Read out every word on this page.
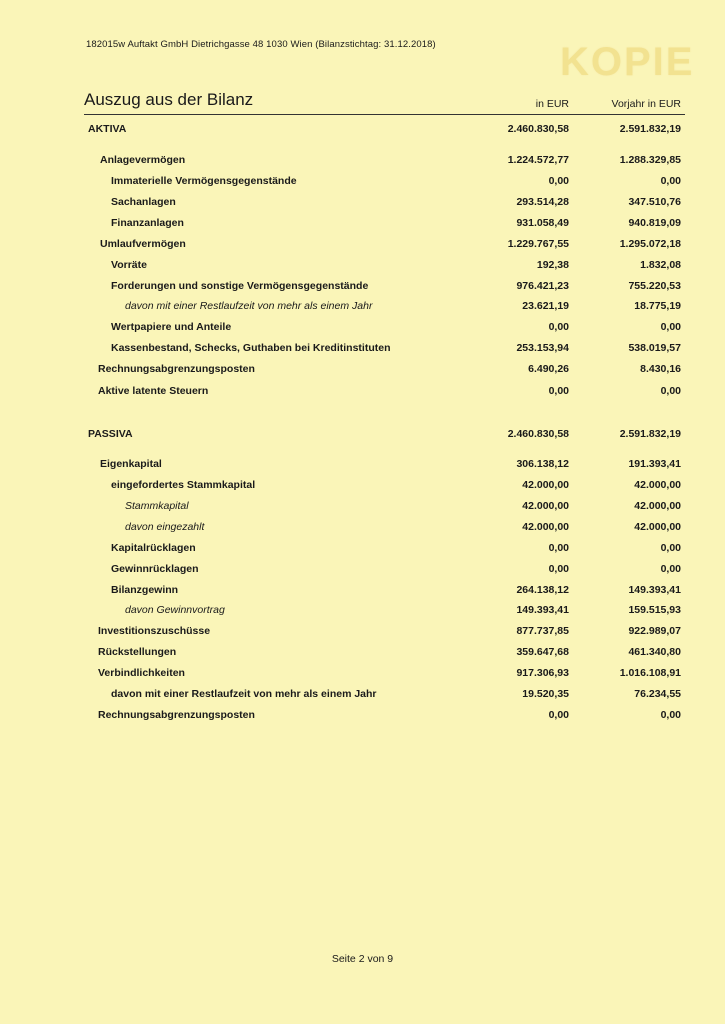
182015w Auftakt GmbH Dietrichgasse 48 1030 Wien (Bilanzstichtag: 31.12.2018)	KOPIE
Auszug aus der Bilanz	in EUR	Vorjahr in EUR
AKTIVA	2.460.830,58	2.591.832,19
Anlagevermögen	1.224.572,77	1.288.329,85
Immaterielle Vermögensgegenstände	0,00	0,00
Sachanlagen	293.514,28	347.510,76
Finanzanlagen	931.058,49	940.819,09
Umlaufvermögen	1.229.767,55	1.295.072,18
Vorräte	192,38	1.832,08
Forderungen und sonstige Vermögensgegenstände	976.421,23	755.220,53
davon mit einer Restlaufzeit von mehr als einem Jahr	23.621,19	18.775,19
Wertpapiere und Anteile	0,00	0,00
Kassenbestand, Schecks, Guthaben bei Kreditinstituten	253.153,94	538.019,57
Rechnungsabgrenzungsposten	6.490,26	8.430,16
Aktive latente Steuern	0,00	0,00
PASSIVA	2.460.830,58	2.591.832,19
Eigenkapital	306.138,12	191.393,41
eingefordertes Stammkapital	42.000,00	42.000,00
Stammkapital	42.000,00	42.000,00
davon eingezahlt	42.000,00	42.000,00
Kapitalrücklagen	0,00	0,00
Gewinnrücklagen	0,00	0,00
Bilanzgewinn	264.138,12	149.393,41
davon Gewinnvortrag	149.393,41	159.515,93
Investitionszuschüsse	877.737,85	922.989,07
Rückstellungen	359.647,68	461.340,80
Verbindlichkeiten	917.306,93	1.016.108,91
davon mit einer Restlaufzeit von mehr als einem Jahr	19.520,35	76.234,55
Rechnungsabgrenzungsposten	0,00	0,00
Seite 2 von 9
